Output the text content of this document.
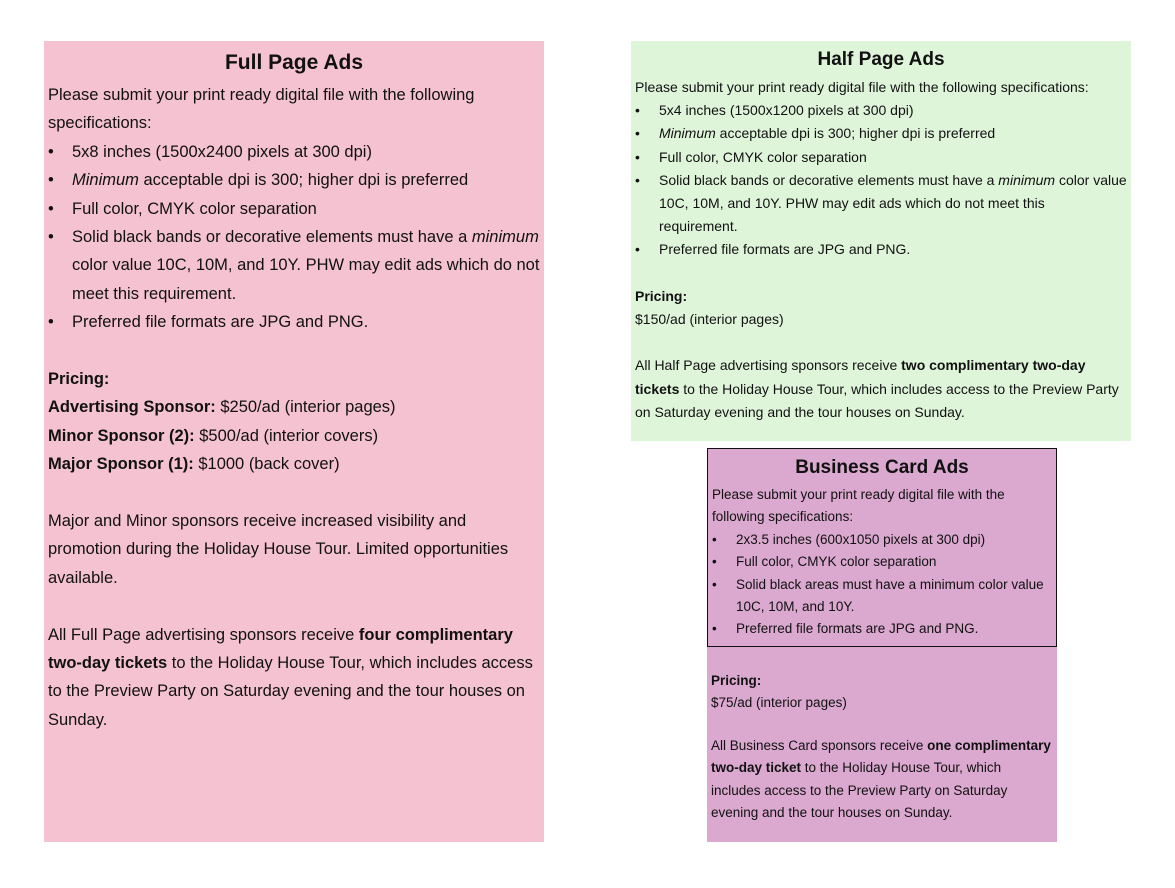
Full Page Ads

Please submit your print ready digital file with the following specifications:

• 5x8 inches (1500x2400 pixels at 300 dpi)
• Minimum acceptable dpi is 300; higher dpi is preferred
• Full color, CMYK color separation
• Solid black bands or decorative elements must have a minimum color value 10C, 10M, and 10Y. PHW may edit ads which do not meet this requirement.
• Preferred file formats are JPG and PNG.

Pricing:

Advertising Sponsor: $250/ad (interior pages)

Minor Sponsor (2): $500/ad (interior covers)

Major Sponsor (1): $1000 (back cover)

Major and Minor sponsors receive increased visibility and promotion during the Holiday House Tour. Limited opportunities available.

All Full Page advertising sponsors receive four complimentary two-day tickets to the Holiday House Tour, which includes access to the Preview Party on Saturday evening and the tour houses on Sunday.

Half Page Ads

Please submit your print ready digital file with the following specifications:

• 5x4 inches (1500x1200 pixels at 300 dpi)
• Minimum acceptable dpi is 300; higher dpi is preferred
• Full color, CMYK color separation
• Solid black bands or decorative elements must have a minimum color value 10C, 10M, and 10Y. PHW may edit ads which do not meet this requirement.
• Preferred file formats are JPG and PNG.

Pricing:

$150/ad (interior pages)

All Half Page advertising sponsors receive two complimentary two-day tickets to the Holiday House Tour, which includes access to the Preview Party on Saturday evening and the tour houses on Sunday.

Business Card Ads

Please submit your print ready digital file with the following specifications:

• 2x3.5 inches (600x1050 pixels at 300 dpi)
• Full color, CMYK color separation
• Solid black areas must have a minimum color value 10C, 10M, and 10Y.
• Preferred file formats are JPG and PNG.

Pricing:

$75/ad (interior pages)

All Business Card sponsors receive one complimentary two-day ticket to the Holiday House Tour, which includes access to the Preview Party on Saturday evening and the tour houses on Sunday.
